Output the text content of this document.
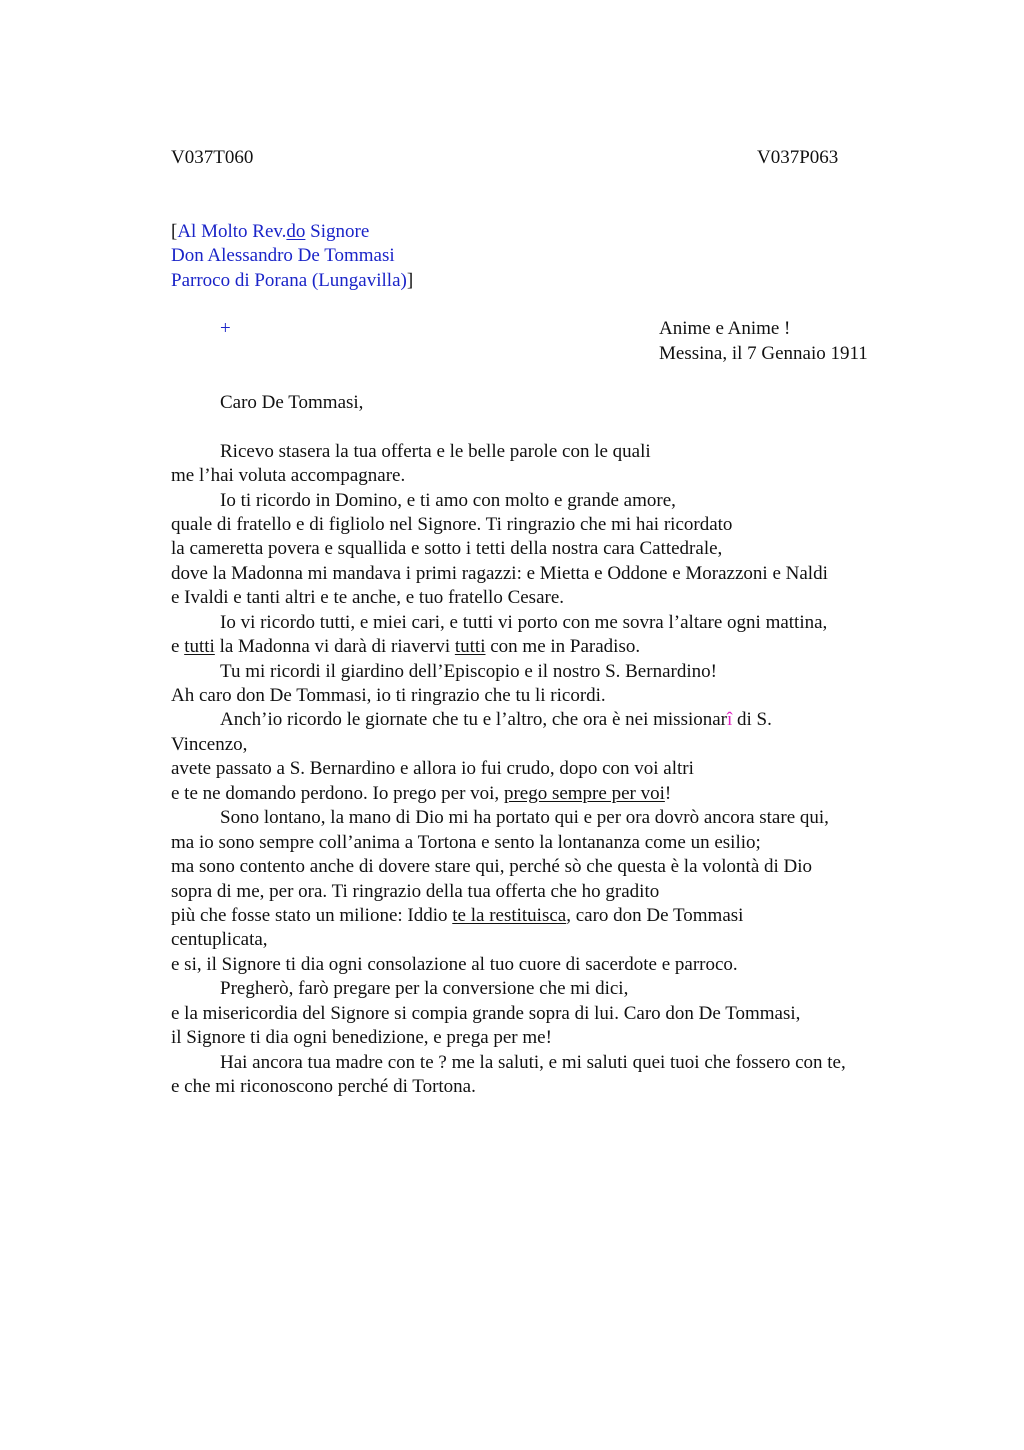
V037T060	V037P063
[Al Molto Rev.do Signore
Don Alessandro De Tommasi
Parroco di Porana (Lungavilla)]
+	Anime e Anime !
Messina, il 7 Gennaio 1911
Caro De Tommasi,
Ricevo stasera la tua offerta e le belle parole con le quali
me l’hai voluta accompagnare.
Io ti ricordo in Domino, e ti amo con molto e grande amore,
quale di fratello e di figliolo nel Signore. Ti ringrazio che mi hai ricordato
la cameretta povera e squallida e sotto i tetti della nostra cara Cattedrale,
dove la Madonna mi mandava i primi ragazzi: e Mietta e Oddone e Morazzoni e Naldi
e Ivaldi e tanti altri e te anche, e tuo fratello Cesare.
Io vi ricordo tutti, e miei cari, e tutti vi porto con me sovra l’altare ogni mattina,
e tutti la Madonna vi darà di riavervi tutti con me in Paradiso.
Tu mi ricordi il giardino dell’Episcopio e il nostro S. Bernardino!
Ah caro don De Tommasi, io ti ringrazio che tu li ricordi.
Anch’io ricordo le giornate che tu e l’altro, che ora è nei missionarî di S.
Vincenzo,
avete passato a S. Bernardino e allora io fui crudo, dopo con voi altri
e te ne domando perdono. Io prego per voi, prego sempre per voi!
Sono lontano, la mano di Dio mi ha portato qui e per ora dovrò ancora stare qui,
ma io sono sempre coll’anima a Tortona e sento la lontananza come un esilio;
ma sono contento anche di dovere stare qui, perché sò che questa è la volontà di Dio
sopra di me, per ora. Ti ringrazio della tua offerta che ho gradito
più che fosse stato un milione: Iddio te la restituisca, caro don De Tommasi
centuplicata,
e si, il Signore ti dia ogni consolazione al tuo cuore di sacerdote e parroco.
Pregherò, farò pregare per la conversione che mi dici,
e la misericordia del Signore si compia grande sopra di lui. Caro don De Tommasi,
il Signore ti dia ogni benedizione, e prega per me!
Hai ancora tua madre con te ? me la saluti, e mi saluti quei tuoi che fossero con te,
e che mi riconoscono perché di Tortona.
